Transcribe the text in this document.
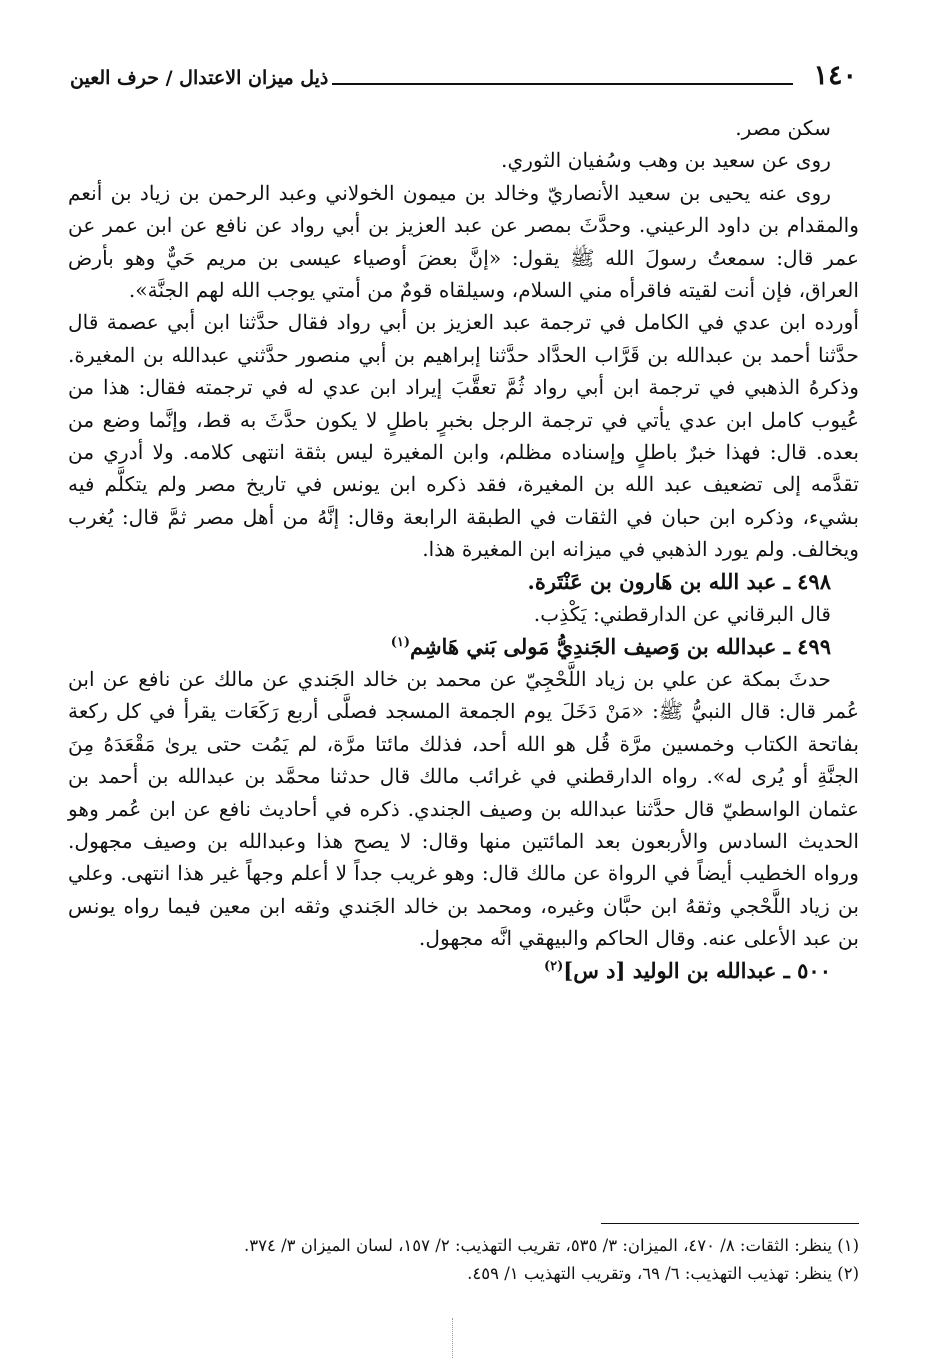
١٤٠
ذيل ميزان الاعتدال / حرف العين

سكن مصر.

روى عن سعيد بن وهب وسُفيان الثوري.

روى عنه يحيى بن سعيد الأنصاريّ وخالد بن ميمون الخولاني وعبد الرحمن بن زياد بن أنعم والمقدام بن داود الرعيني. وحدَّثَ بمصر عن عبد العزيز بن أبي رواد عن نافع عن ابن عمر عن عمر قال: سمعتُ رسولَ الله ﷺ يقول: «إنَّ بعضَ أوصياء عيسى بن مريم حَيٌّ وهو بأرض العراق، فإن أنت لقيته فاقرأه مني السلام، وسيلقاه قومٌ من أمتي يوجب الله لهم الجنَّة».

أورده ابن عدي في الكامل في ترجمة عبد العزيز بن أبي رواد فقال حدَّثنا ابن أبي عصمة قال حدَّثنا أحمد بن عبدالله بن قَرَّاب الحدَّاد حدَّثنا إبراهيم بن أبي منصور حدَّثني عبدالله بن المغيرة. وذكرهُ الذهبي في ترجمة ابن أبي رواد ثُمَّ تعقَّبَ إيراد ابن عدي له في ترجمته فقال: هذا من عُيوب كامل ابن عدي يأتي في ترجمة الرجل بخبرٍ باطلٍ لا يكون حدَّثَ به قط، وإنَّما وضع من بعده. قال: فهذا خبرٌ باطلٍ وإسناده مظلم، وابن المغيرة ليس بثقة انتهى كلامه. ولا أدري من تقدَّمه إلى تضعيف عبد الله بن المغيرة، فقد ذكره ابن يونس في تاريخ مصر ولم يتكلَّم فيه بشيء، وذكره ابن حبان في الثقات في الطبقة الرابعة وقال: إنَّهُ من أهل مصر ثمَّ قال: يُغرب ويخالف. ولم يورد الذهبي في ميزانه ابن المغيرة هذا.

٤٩٨ ـ عبد الله بن هَارون بن عَنْتَرة.

قال البرقاني عن الدارقطني: يَكْذِب.

٤٩٩ ـ عبدالله بن وَصيف الجَندِيُّ مَولى بَني هَاشِم$^{(١)}$

حدثَ بمكة عن علي بن زياد اللَّحْجِيّ عن محمد بن خالد الجَندي عن مالك عن نافع عن ابن عُمر قال: قال النبيُّ ﷺ: «مَنْ دَخَلَ يوم الجمعة المسجد فصلَّى أربع رَكَعَات يقرأ في كل ركعة بفاتحة الكتاب وخمسين مرَّة قُل هو الله أحد، فذلك مائتا مرَّة، لم يَمُت حتى يرىٰ مَقْعَدَهُ مِنَ الجنَّةِ أو يُرى له». رواه الدارقطني في غرائب مالك قال حدثنا محمَّد بن عبدالله بن أحمد بن عثمان الواسطيّ قال حدَّثنا عبدالله بن وصيف الجندي. ذكره في أحاديث نافع عن ابن عُمر وهو الحديث السادس والأربعون بعد المائتين منها وقال: لا يصح هذا وعبدالله بن وصيف مجهول. ورواه الخطيب أيضاً في الرواة عن مالك قال: وهو غريب جداً لا أعلم وجهاً غير هذا انتهى. وعلي بن زياد اللَّحْجي وثقهُ ابن حبَّان وغيره، ومحمد بن خالد الجَندي وثقه ابن معين فيما رواه يونس بن عبد الأعلى عنه. وقال الحاكم والبيهقي انَّه مجهول.

٥٠٠ ـ عبدالله بن الوليد [د س]$^{(٢)}$

(١) ينظر: الثقات: ٨/ ٤٧٠، الميزان: ٣/ ٥٣٥، تقريب التهذيب: ٢/ ١٥٧، لسان الميزان ٣/ ٣٧٤.

(٢) ينظر: تهذيب التهذيب: ٦/ ٦٩، وتقريب التهذيب ١/ ٤٥٩.
